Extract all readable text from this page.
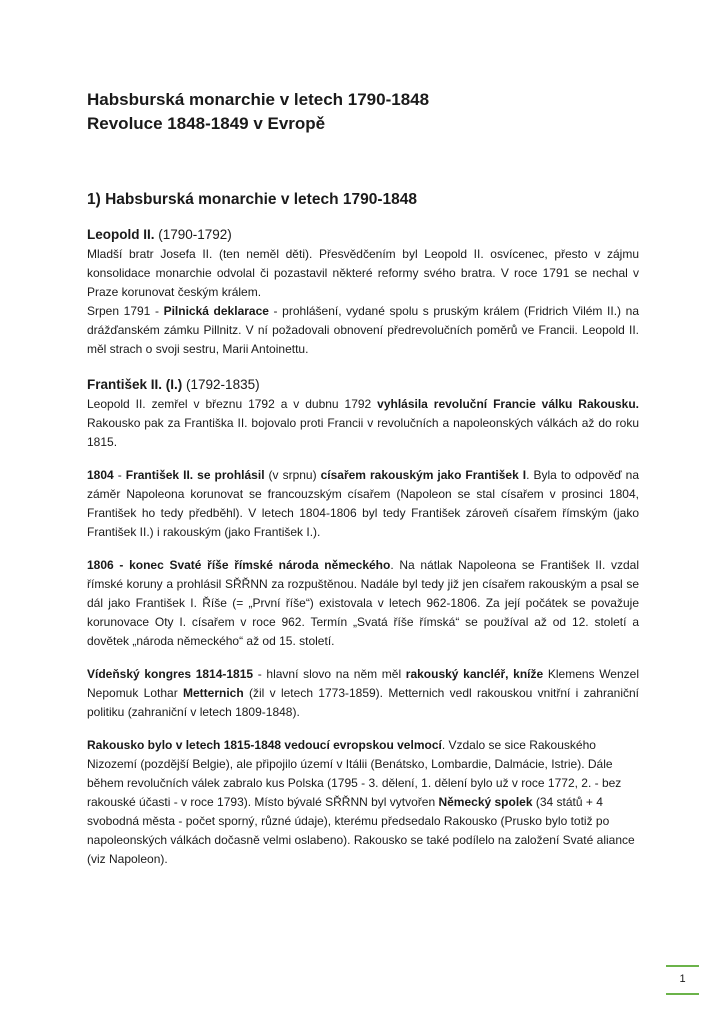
Habsburská monarchie v letech 1790-1848
Revoluce 1848-1849 v Evropě
1) Habsburská monarchie v letech 1790-1848
Leopold II. (1790-1792)

Mladší bratr Josefa II. (ten neměl děti). Přesvědčením byl Leopold II. osvícenec, přesto v zájmu konsolidace monarchie odvolal či pozastavil některé reformy svého bratra. V roce 1791 se nechal v Praze korunovat českým králem.

Srpen 1791 - Pilnická deklarace - prohlášení, vydané spolu s pruským králem (Fridrich Vilém II.) na drážďanském zámku Pillnitz. V ní požadovali obnovení předrevolučních poměrů ve Francii. Leopold II. měl strach o svoji sestru, Marii Antoinettu.

František II. (I.) (1792-1835)

Leopold II. zemřel v březnu 1792 a v dubnu 1792 vyhlásila revoluční Francie válku Rakousku. Rakousko pak za Františka II. bojovalo proti Francii v revolučních a napoleonských válkách až do roku 1815.

1804 - František II. se prohlásil (v srpnu) císařem rakouským jako František I. Byla to odpověď na záměr Napoleona korunovat se francouzským císařem (Napoleon se stal císařem v prosinci 1804, František ho tedy předběhl). V letech 1804-1806 byl tedy František zároveň císařem římským (jako František II.) i rakouským (jako František I.).

1806 - konec Svaté říše římské národa německého. Na nátlak Napoleona se František II. vzdal římské koruny a prohlásil SŘŘNN za rozpuštěnou. Nadále byl tedy již jen císařem rakouským a psal se dál jako František I. Říše (= „První říše“) existovala v letech 962-1806. Za její počátek se považuje korunovace Oty I. císařem v roce 962. Termín „Svatá říše římská“ se používal až od 12. století a dovětek „národa německého“ až od 15. století.

Vídeňský kongres 1814-1815 - hlavní slovo na něm měl rakouský kancléř, kníže Klemens Wenzel Nepomuk Lothar Metternich (žil v letech 1773-1859). Metternich vedl rakouskou vnitřní i zahraniční politiku (zahraniční v letech 1809-1848).

Rakousko bylo v letech 1815-1848 vedoucí evropskou velmocí. Vzdalo se sice Rakouského Nizozemí (pozdější Belgie), ale připojilo území v Itálii (Benátsko, Lombardie, Dalmácie, Istrie). Dále během revolučních válek zabralo kus Polska (1795 - 3. dělení, 1. dělení bylo už v roce 1772, 2. - bez rakouské účasti - v roce 1793). Místo bývalé SŘŘNN byl vytvořen Německý spolek (34 států + 4 svobodná města - počet sporný, různé údaje), kterému předsedalo Rakousko (Prusko bylo totiž po napoleonských válkách dočasně velmi oslabeno). Rakousko se také podílelo na založení Svaté aliance (viz Napoleon).

1
